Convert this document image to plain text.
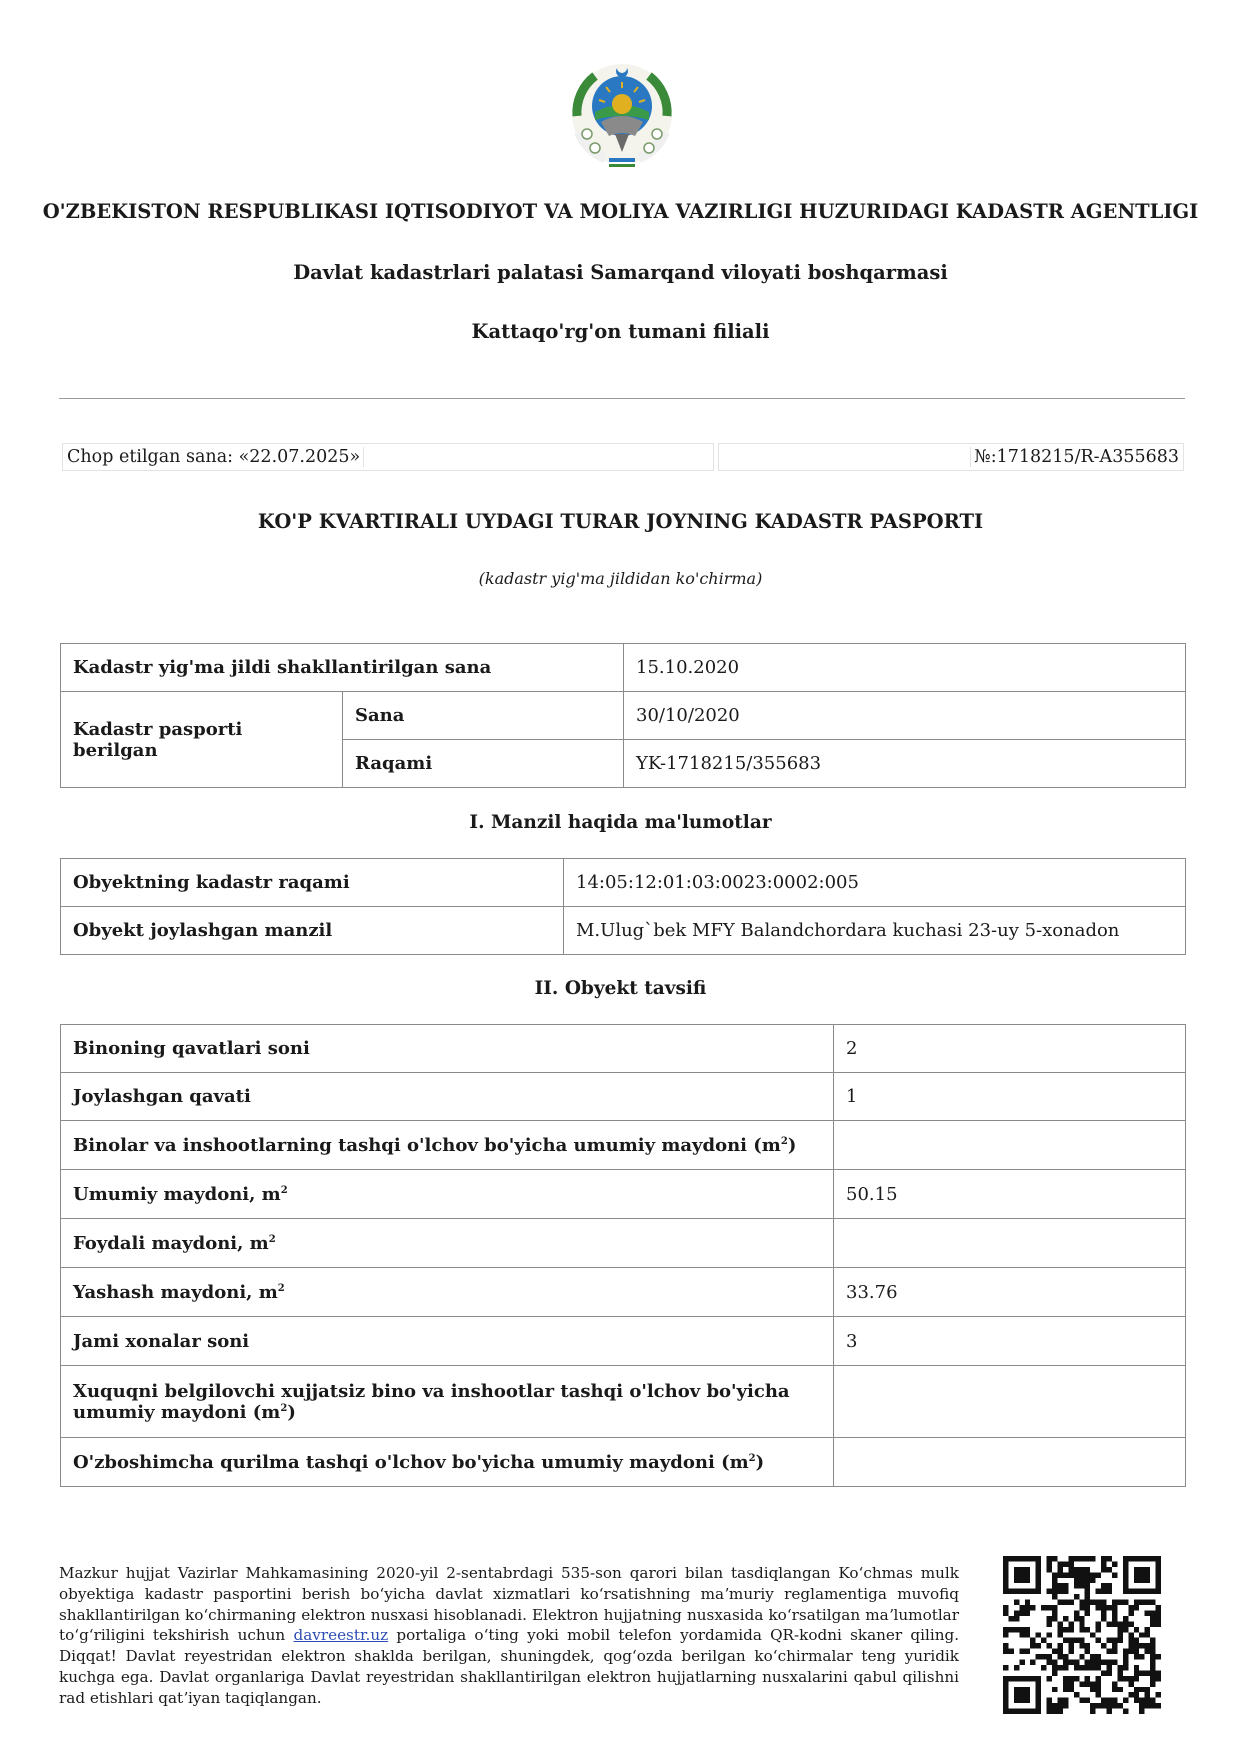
O'ZBEKISTON RESPUBLIKASI IQTISODIYOT VA MOLIYA VAZIRLIGI HUZURIDAGI KADASTR AGENTLIGI
Davlat kadastrlari palatasi Samarqand viloyati boshqarmasi
Kattaqo'rg'on tumani filiali
Chop etilgan sana: «22.07.2025»	№:1718215/R-A355683
KO'P KVARTIRALI UYDAGI TURAR JOYNING KADASTR PASPORTI
(kadastr yig'ma jildidan ko'chirma)
Kadastr yig'ma jildi shakllantirilgan sana		15.10.2020
Kadastr pasporti berilgan	Sana	30/10/2020
	Raqami	YK-1718215/355683
I. Manzil haqida ma'lumotlar
Obyektning kadastr raqami	14:05:12:01:03:0023:0002:005
Obyekt joylashgan manzil	M.Ulug`bek MFY Balandchordara kuchasi 23-uy 5-xonadon
II. Obyekt tavsifi
Binoning qavatlari soni	2
Joylashgan qavati	1
Binolar va inshootlarning tashqi o'lchov bo'yicha umumiy maydoni $(m^2)$	
Umumiy maydoni, $m^2$	50.15
Foydali maydoni, $m^2$	
Yashash maydoni, $m^2$	33.76
Jami xonalar soni	3
Xuquqni belgilovchi xujjatsiz bino va inshootlar tashqi o'lchov bo'yicha umumiy maydoni $(m^2)$	
O'zboshimcha qurilma tashqi o'lchov bo'yicha umumiy maydoni $(m^2)$	
Mazkur hujjat Vazirlar Mahkamasining 2020-yil 2-sentabrdagi 535-son qarori bilan tasdiqlangan Koʻchmas mulk obyektiga kadastr pasportini berish boʻyicha davlat xizmatlari koʻrsatishning maʼmuriy reglamentiga muvofiq shakllantirilgan koʻchirmaning elektron nusxasi hisoblanadi. Elektron hujjatning nusxasida koʻrsatilgan maʼlumotlar toʻgʻriligini tekshirish uchun davreestr.uz portaliga oʻting yoki mobil telefon yordamida QR-kodni skaner qiling. Diqqat! Davlat reyestridan elektron shaklda berilgan, shuningdek, qogʻozda berilgan koʻchirmalar teng yuridik kuchga ega. Davlat organlariga Davlat reyestridan shakllantirilgan elektron hujjatlarning nusxalarini qabul qilishni rad etishlari qatʼiyan taqiqlangan.
